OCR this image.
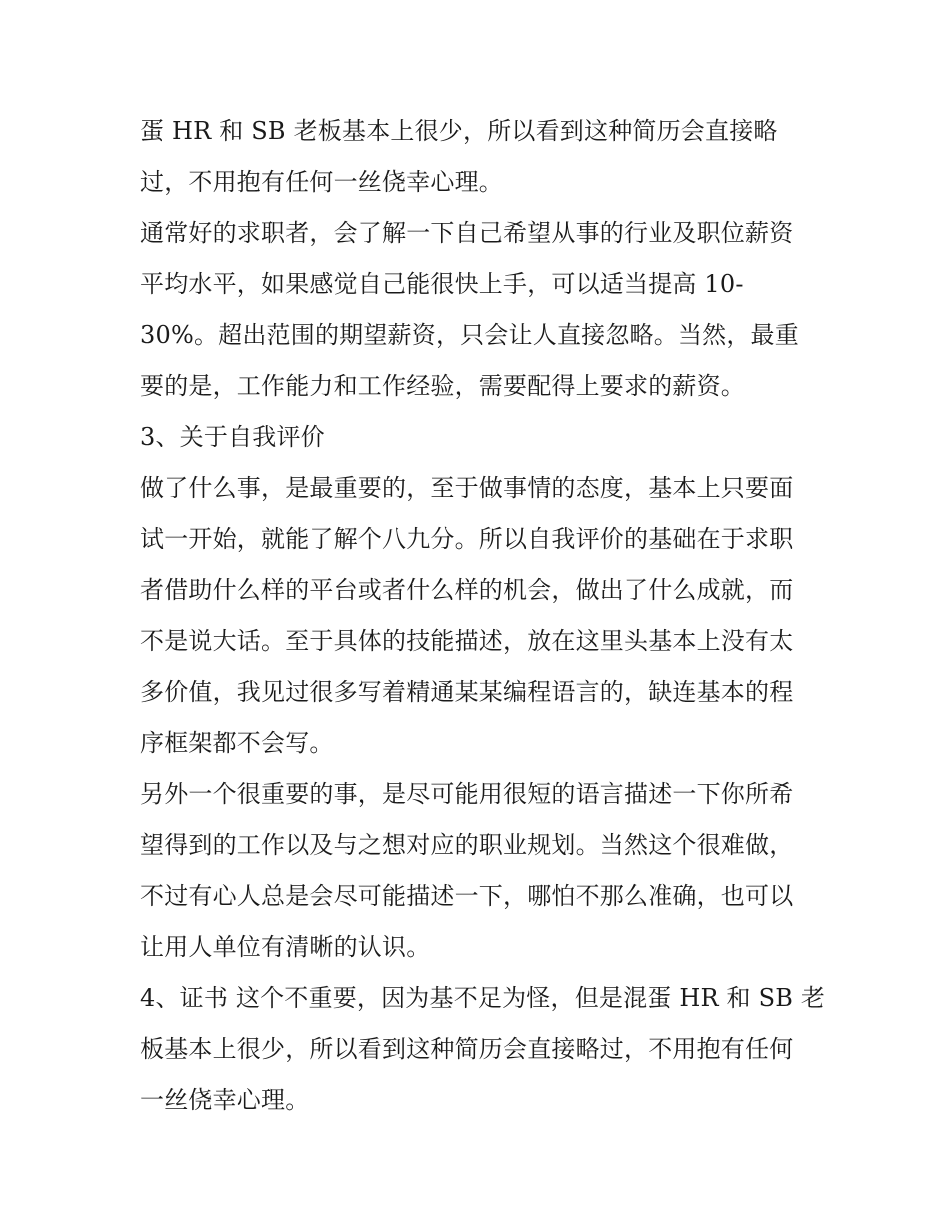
蛋 HR 和 SB 老板基本上很少，所以看到这种简历会直接略
过，不用抱有任何一丝侥幸心理。
通常好的求职者，会了解一下自己希望从事的行业及职位薪资
平均水平，如果感觉自己能很快上手，可以适当提高 10-
30%。超出范围的期望薪资，只会让人直接忽略。当然，最重
要的是，工作能力和工作经验，需要配得上要求的薪资。
3、关于自我评价
做了什么事，是最重要的，至于做事情的态度，基本上只要面
试一开始，就能了解个八九分。所以自我评价的基础在于求职
者借助什么样的平台或者什么样的机会，做出了什么成就，而
不是说大话。至于具体的技能描述，放在这里头基本上没有太
多价值，我见过很多写着精通某某编程语言的，缺连基本的程
序框架都不会写。
另外一个很重要的事，是尽可能用很短的语言描述一下你所希
望得到的工作以及与之想对应的职业规划。当然这个很难做，
不过有心人总是会尽可能描述一下，哪怕不那么准确，也可以
让用人单位有清晰的认识。
4、证书 这个不重要，因为基不足为怪，但是混蛋 HR 和 SB 老
板基本上很少，所以看到这种简历会直接略过，不用抱有任何
一丝侥幸心理。
